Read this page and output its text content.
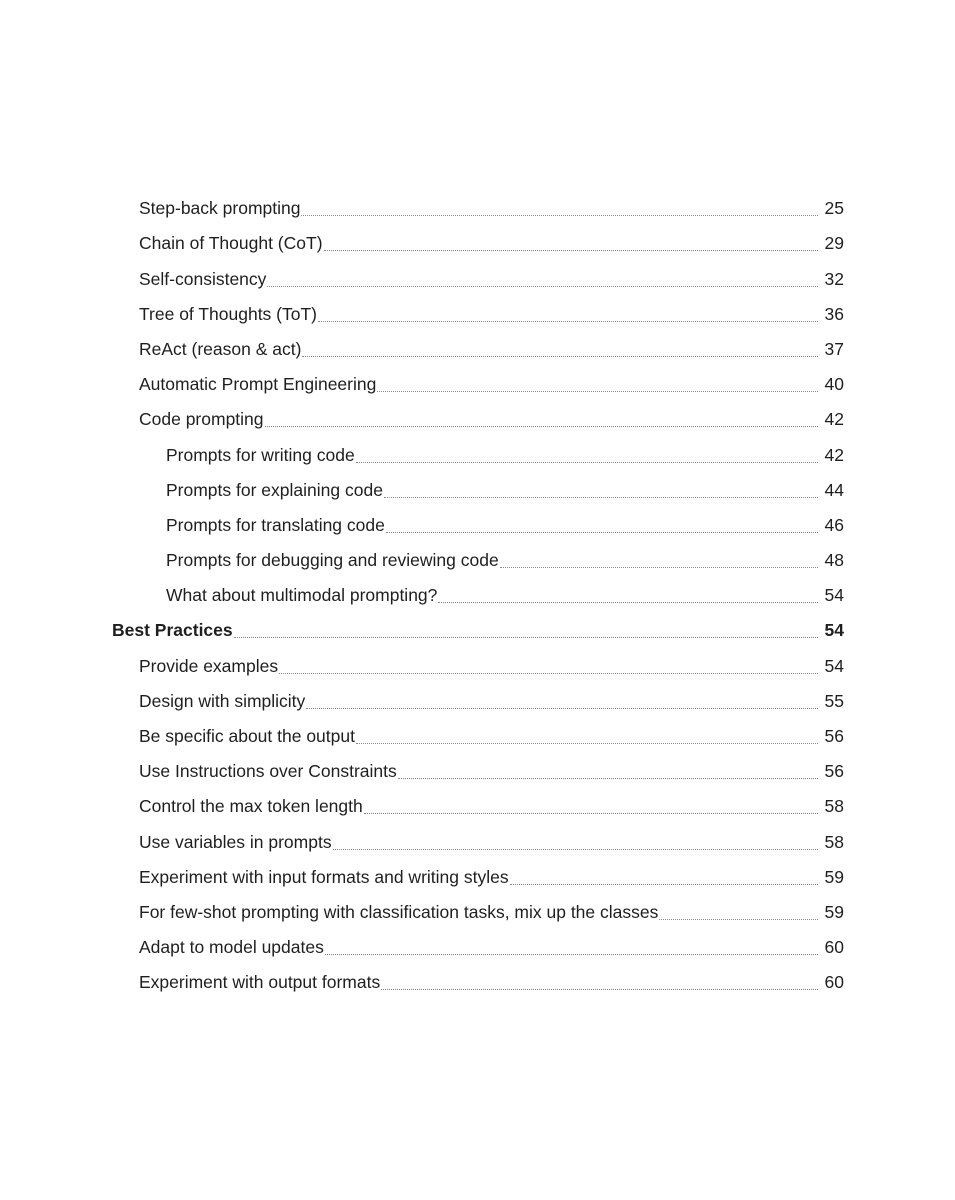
Step-back prompting	25
Chain of Thought (CoT)	29
Self-consistency	32
Tree of Thoughts (ToT)	36
ReAct (reason & act)	37
Automatic Prompt Engineering	40
Code prompting	42
Prompts for writing code	42
Prompts for explaining code	44
Prompts for translating code	46
Prompts for debugging and reviewing code	48
What about multimodal prompting?	54
Best Practices	54
Provide examples	54
Design with simplicity	55
Be specific about the output	56
Use Instructions over Constraints	56
Control the max token length	58
Use variables in prompts	58
Experiment with input formats and writing styles	59
For few-shot prompting with classification tasks, mix up the classes	59
Adapt to model updates	60
Experiment with output formats	60
